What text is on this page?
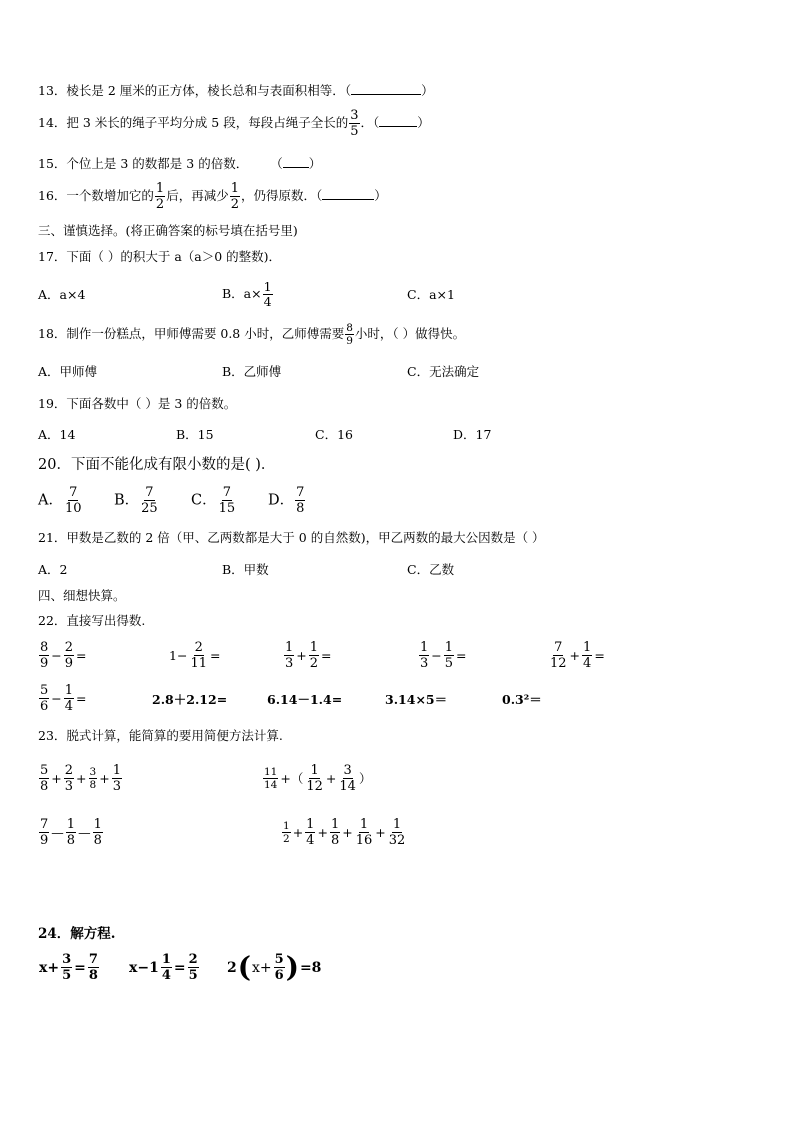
13．棱长是 2 厘米的正方体，棱长总和与表面积相等．（	）
14．把 3 米长的绳子平均分成 5 段，每段占绳子全长的 $\frac{3}{5}$ ．（	）
15．个位上是 3 的数都是 3 的倍数． （ ）
16．一个数增加它的 $\frac{1}{2}$ 后，再减少 $\frac{1}{2}$ ，仍得原数．（	）
三、谨慎选择。(将正确答案的标号填在括号里)
17．下面（ ）的积大于 a（a＞0 的整数)．
A．a×4	B．$a\times \frac{1}{4}$	C．a×1
18．制作一份糕点，甲师傅需要 0.8 小时，乙师傅需要 $\frac{8}{9}$ 小时，（ ）做得快。
A．甲师傅	B．乙师傅	C．无法确定
19．下面各数中（ ）是 3 的倍数。
A．14	B．15	C．16	D．17
20．下面不能化成有限小数的是( )．
A． $\frac{7}{10}$ B． $\frac{7}{25}$ C． $\frac{7}{15}$ D． $\frac{7}{8}$
21．甲数是乙数的 2 倍（甲、乙两数都是大于 0 的自然数)，甲乙两数的最大公因数是（ ）
A．2	B．甲数	C．乙数
四、细想快算。
22．直接写出得数.
$\frac{8}{9} - \frac{2}{9}$ =	$1- \frac{2}{11}$ =	$\frac{1}{3} + \frac{1}{2}$ =	$\frac{1}{3} - \frac{1}{5}$ =	$\frac{7}{12} + \frac{1}{4}$ =
$\frac{5}{6} - \frac{1}{4}$ =	2.8＋2.12=	6.14－1.4=	3.14×5＝	0.3²＝
23．脱式计算，能简算的要用简便方法计算.
$\frac{5}{8} + \frac{2}{3} + \frac{3}{8} + \frac{1}{3}$	$\frac{11}{14}$ +（ $\frac{1}{12} + \frac{3}{14}$ ）
$\frac{7}{9}$ — $\frac{1}{8}$ — $\frac{1}{8}$	$\frac{1}{2} + \frac{1}{4} + \frac{1}{8} + \frac{1}{16} + \frac{1}{32}$
24．解方程.
$x+ \frac{3}{5} = \frac{7}{8} x-1 \frac{1}{4} = \frac{2}{5} 2(x+ \frac{5}{6} )=8$
